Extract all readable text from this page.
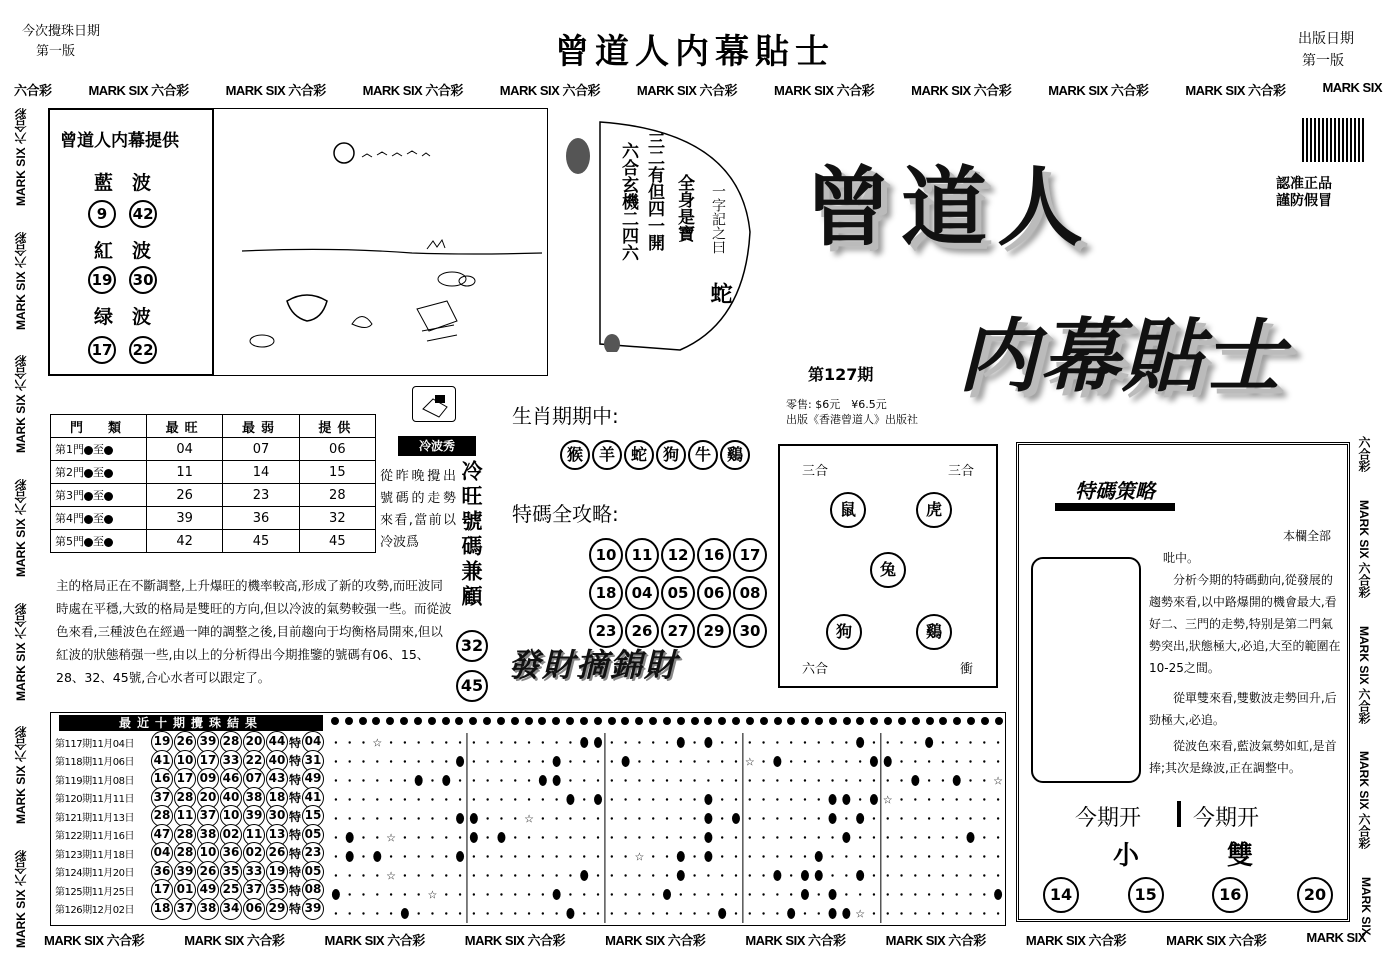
今次攪珠日期
第一版	曾道人内幕貼士	出版日期
第一版
六合彩	MARK SIX 六合彩	MARK SIX 六合彩	MARK SIX 六合彩	MARK SIX 六合彩	MARK SIX 六合彩	MARK SIX 六合彩	MARK SIX 六合彩	MARK SIX 六合彩	MARK SIX 六合彩	MARK SIX
MARK SIX 六合彩
MARK SIX 六合彩
MARK SIX 六合彩
MARK SIX 六合彩
MARK SIX 六合彩
MARK SIX 六合彩
MARK SIX 六合彩
六合彩
MARK SIX 六合彩
MARK SIX 六合彩
MARK SIX 六合彩
MARK SIX
MARK SIX 六合彩	MARK SIX 六合彩	MARK SIX 六合彩	MARK SIX 六合彩	MARK SIX 六合彩	MARK SIX 六合彩	MARK SIX 六合彩	MARK SIX 六合彩	MARK SIX 六合彩	MARK SIX
曾道人内幕提供
藍　波
9 42
紅　波
19 30
绿　波
17 22
六合玄機二四六 三二有但四一開 全身是寶 一字記之曰
蛇
曾道人
内幕貼士
認准正品
謹防假冒
第127期
零售: $6元　¥6.5元
出版《香港曾道人》出版社
門　類	最旺	最弱	提供
第1門 至	04	07	06
第2門 至	11	14	15
第3門 至	26	23	28
第4門 至	39	36	32
第5門 至	42	45	45
冷波秀
從昨晚攪出號碼的走勢來看,當前以冷波爲	冷旺號碼兼顧
主的格局正在不斷調整,上升爆旺的機率較高,形成了新的攻勢,而旺波同時處在平穩,大致的格局是雙旺的方向,但以冷波的氣勢較强一些。而從波色來看,三種波色在經過一陣的調整之後,目前趨向于均衡格局開來,但以紅波的狀態稍强一些,由以上的分析得出今期推鑒的號碼有06、15、28、32、45號,合心水者可以跟定了。
32
45
生肖期期中:
猴 羊 蛇 狗 牛 鷄
特碼全攻略:
10 11 12 16 17
18 04 05 06 08
23 26 27 29 30
發財摘錦財
三合	三合
六合	衝
鼠	虎
兔
狗	鷄
特碼策略
本欄全部
吡中。
分析今期的特碼動向,從發展的趨勢來看,以中路爆開的機會最大,看好二、三門的走勢,特别是第二門氣勢突出,狀態極大,必追,大至的範圍在10-25之間。
從單雙來看,雙數波走勢回升,后勁極大,必追。
從波色來看,藍波氣勢如虹,是首捧;其次是綠波,正在調整中。
今期开 今期开
小	雙
14	15	16	20
最近十期攪珠結果
第117期11月04日	19 26 39 28 20 44 特 04
第118期11月06日	41 10 17 33 22 40 特 31
第119期11月08日	16 17 09 46 07 43 特 49
第120期11月11日	37 28 20 40 38 18 特 41
第121期11月13日	28 11 37 10 39 30 特 15
第122期11月16日	47 28 38 02 11 13 特 05
第123期11月18日	04 28 10 36 02 26 特 23
第124期11月20日	36 39 26 35 33 19 特 05
第125期11月25日	17 01 49 25 37 35 特 08
第126期12月02日	18 37 38 34 06 29 特 39
☆
☆
☆
☆
☆
☆
☆
☆
☆
☆
